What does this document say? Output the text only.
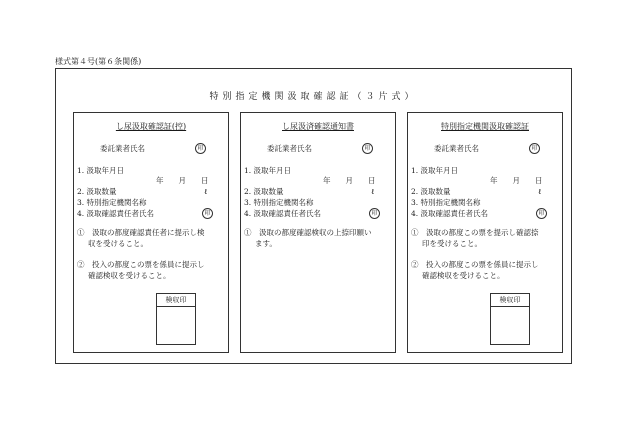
様式第４号(第６条関係)
特別指定機関汲取確認証（３片式）
し尿汲取確認証(控)
委託業者氏名	印
1. 汲取年月日
年　　月　　日
2. 汲取数量	ℓ
3. 特別指定機関名称
4. 汲取確認責任者氏名	印
①　汲取の都度確認責任者に提示し検
収を受けること。
②　投入の都度この票を係員に提示し
確認検収を受けること。
検収印
し尿汲済確認通知書
委託業者氏名	印
1. 汲取年月日
年　　月　　日
2. 汲取数量	ℓ
3. 特別指定機関名称
4. 汲取確認責任者氏名	印
①　汲取の都度確認検収の上捺印願い
ます。
特別指定機関汲取確認証
委託業者氏名	印
1. 汲取年月日
年　　月　　日
2. 汲取数量	ℓ
3. 特別指定機関名称
4. 汲取確認責任者氏名	印
①　汲取の都度この票を提示し確認捺
印を受けること。
②　投入の都度この票を係員に提示し
確認検収を受けること。
検収印
